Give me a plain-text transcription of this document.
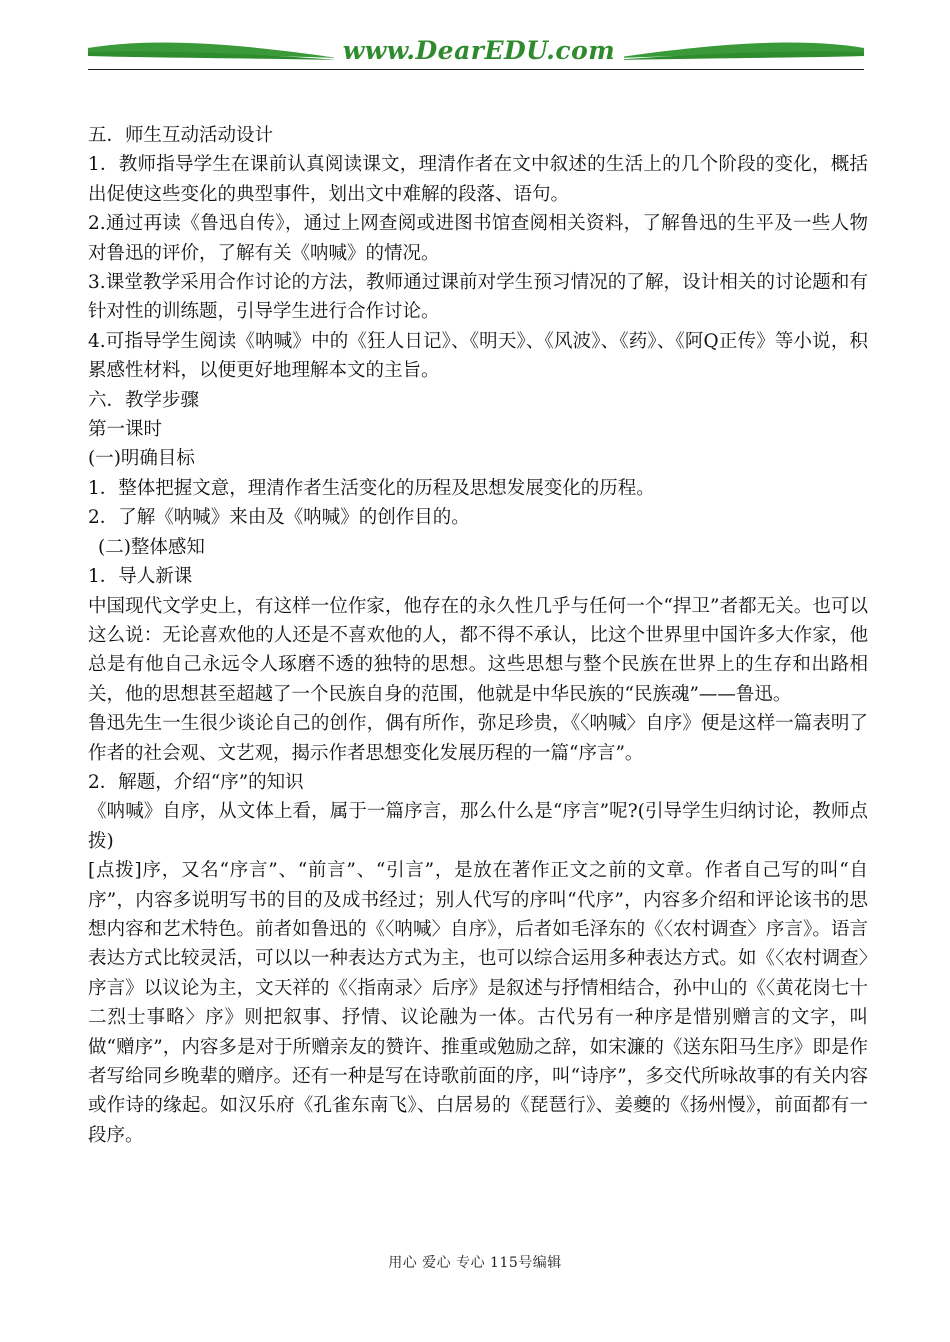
www.DearEDU.com

五．师生互动活动设计

1．教师指导学生在课前认真阅读课文，理清作者在文中叙述的生活上的几个阶段的变化，概括出促使这些变化的典型事件，划出文中难解的段落、语句。

2.通过再读《鲁迅自传》，通过上网查阅或进图书馆查阅相关资料，了解鲁迅的生平及一些人物对鲁迅的评价，了解有关《呐喊》的情况。

3.课堂教学采用合作讨论的方法，教师通过课前对学生预习情况的了解，设计相关的讨论题和有针对性的训练题，引导学生进行合作讨论。

4.可指导学生阅读《呐喊》中的《狂人日记》、《明天》、《风波》、《药》、《阿Q正传》等小说，积累感性材料，以便更好地理解本文的主旨。

六．教学步骤

第一课时

(一)明确目标

1．整体把握文意，理清作者生活变化的历程及思想发展变化的历程。

2．了解《呐喊》来由及《呐喊》的创作目的。

(二)整体感知

1．导人新课

中国现代文学史上，有这样一位作家，他存在的永久性几乎与任何一个“捍卫”者都无关。也可以这么说：无论喜欢他的人还是不喜欢他的人，都不得不承认，比这个世界里中国许多大作家，他总是有他自己永远令人琢磨不透的独特的思想。这些思想与整个民族在世界上的生存和出路相关，他的思想甚至超越了一个民族自身的范围，他就是中华民族的“民族魂”——鲁迅。

鲁迅先生一生很少谈论自己的创作，偶有所作，弥足珍贵，《〈呐喊〉自序》便是这样一篇表明了作者的社会观、文艺观，揭示作者思想变化发展历程的一篇“序言”。

2．解题，介绍“序”的知识

《呐喊》自序，从文体上看，属于一篇序言，那么什么是“序言”呢?(引导学生归纳讨论，教师点拨)

[点拨]序，又名“序言”、“前言”、“引言”，是放在著作正文之前的文章。作者自己写的叫“自序”，内容多说明写书的目的及成书经过；别人代写的序叫“代序”，内容多介绍和评论该书的思想内容和艺术特色。前者如鲁迅的《〈呐喊〉自序》，后者如毛泽东的《〈农村调查〉序言》。语言表达方式比较灵活，可以以一种表达方式为主，也可以综合运用多种表达方式。如《〈农村调查〉序言》以议论为主，文天祥的《〈指南录〉后序》是叙述与抒情相结合，孙中山的《〈黄花岗七十二烈士事略〉序》则把叙事、抒情、议论融为一体。古代另有一种序是惜别赠言的文字，叫做“赠序”，内容多是对于所赠亲友的赞许、推重或勉励之辞，如宋濂的《送东阳马生序》即是作者写给同乡晚辈的赠序。还有一种是写在诗歌前面的序，叫“诗序”，多交代所咏故事的有关内容或作诗的缘起。如汉乐府《孔雀东南飞》、白居易的《琵琶行》、姜夔的《扬州慢》，前面都有一段序。

用心 爱心 专心 115号编辑
